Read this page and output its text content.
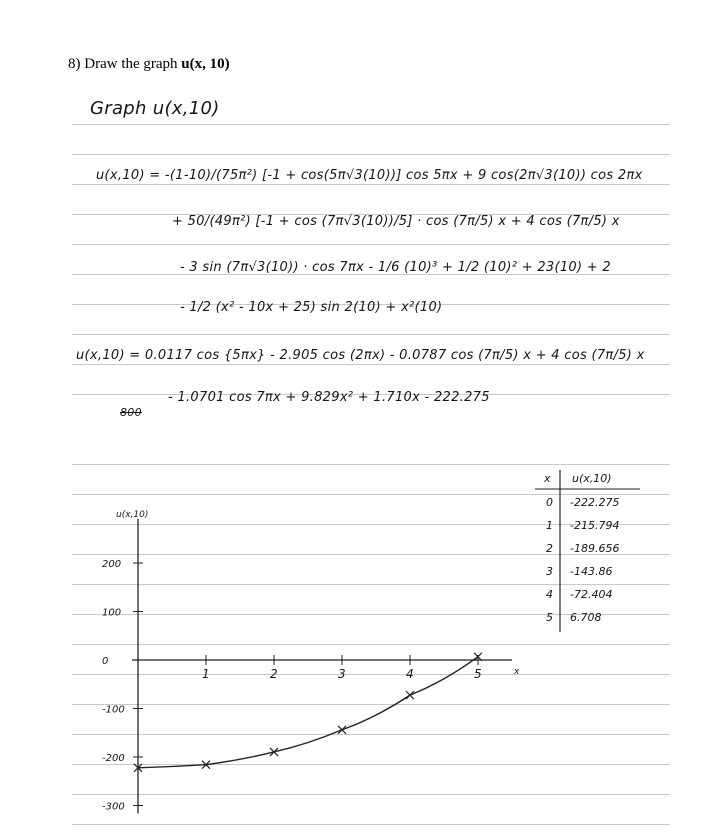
8) Draw the graph u(x, 10)
Graph u(x,10)
u(x,10) = -(1-10)/(75π²) [-1 + cos(5π√3(10))] cos 5πx + 9 cos(2π√3(10)) cos 2πx
+ 50/(49π²) [-1 + cos (7π√3(10))/5] · cos (7π/5) x + 4 cos (7π/5) x
- 3 sin (7π√3(10)) · cos 7πx - 1/6 (10)³ + 1/2 (10)² + 23(10) + 2
- 1/2 (x² - 10x + 25) sin 2(10) + x²(10)
u(x,10) = 0.0117 cos {5πx} - 2.905 cos (2πx) - 0.0787 cos (7π/5) x + 4 cos (7π/5) x
- 1.0701 cos 7πx + 9.829x² + 1.710x - 222.275
800
x u(x,10)
0 -222.275
1 -215.794
2 -189.656
3 -143.86
4 -72.404
5 6.708
u(x,10)
x
200
100
0
-100
-200
-300
1	2	3	4	5
